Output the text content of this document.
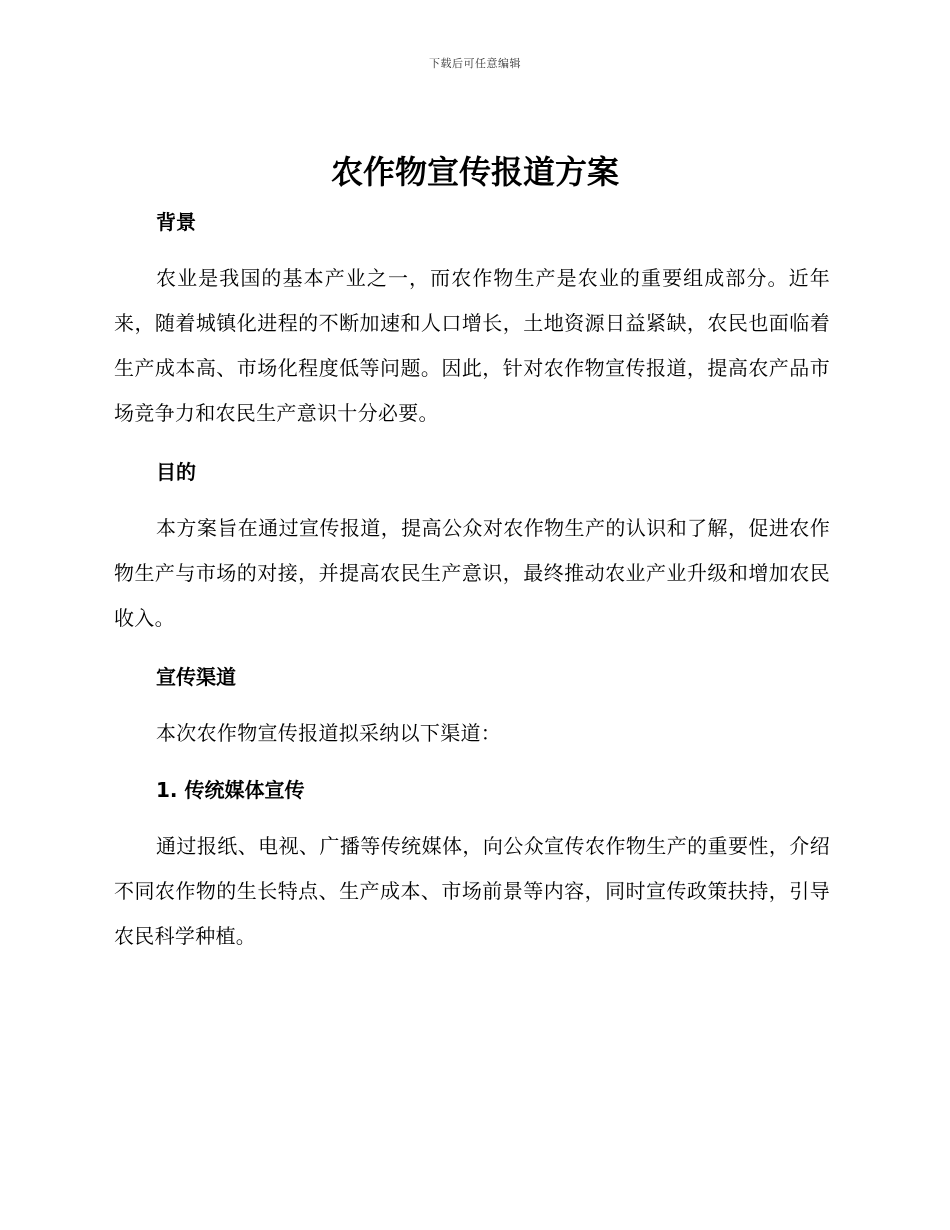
下载后可任意编辑
农作物宣传报道方案
背景

农业是我国的基本产业之一，而农作物生产是农业的重要组成部分。近年来，随着城镇化进程的不断加速和人口增长，土地资源日益紧缺，农民也面临着生产成本高、市场化程度低等问题。因此，针对农作物宣传报道，提高农产品市场竞争力和农民生产意识十分必要。

目的

本方案旨在通过宣传报道，提高公众对农作物生产的认识和了解，促进农作物生产与市场的对接，并提高农民生产意识，最终推动农业产业升级和增加农民收入。

宣传渠道

本次农作物宣传报道拟采纳以下渠道：

1. 传统媒体宣传

通过报纸、电视、广播等传统媒体，向公众宣传农作物生产的重要性，介绍不同农作物的生长特点、生产成本、市场前景等内容，同时宣传政策扶持，引导农民科学种植。
